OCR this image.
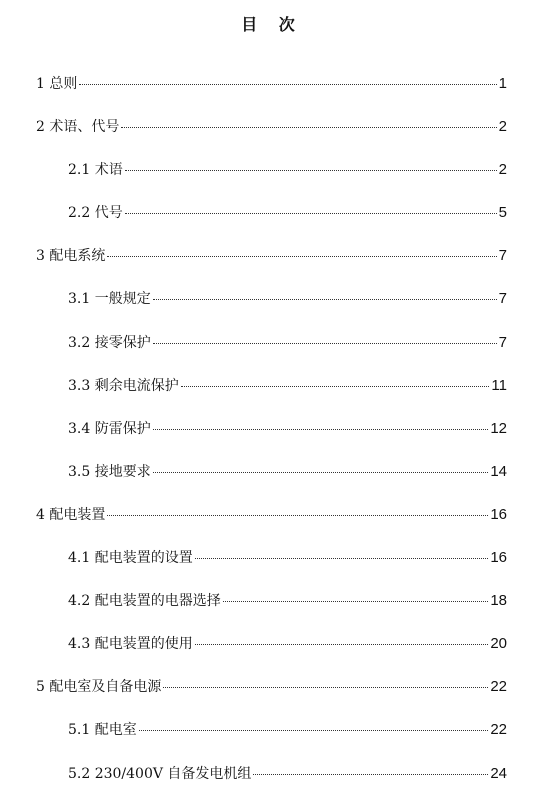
目 次
1 总则	1
2 术语、代号	2
2.1 术语	2
2.2 代号	5
3 配电系统	7
3.1 一般规定	7
3.2 接零保护	7
3.3 剩余电流保护	11
3.4 防雷保护	12
3.5 接地要求	14
4 配电装置	16
4.1 配电装置的设置	16
4.2 配电装置的电器选择	18
4.3 配电装置的使用	20
5 配电室及自备电源	22
5.1 配电室	22
5.2 230/400V 自备发电机组	24
